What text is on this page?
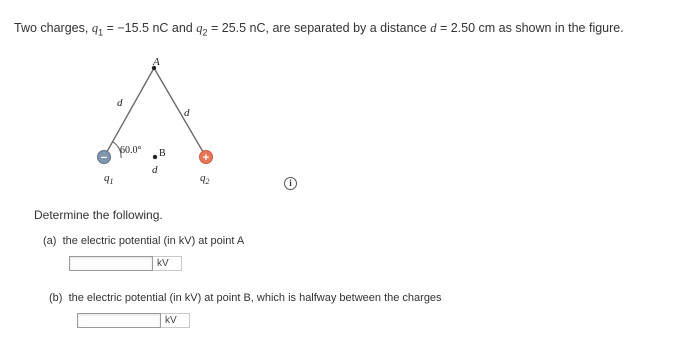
Two charges, $q_1 = -15.5$ nC and $q_2 = 25.5$ nC, are separated by a distance d = 2.50 cm as shown in the figure.
−	+
A
d
d
60.0° B
d
$q_1$	$q_2$	i
Determine the following.
(a) the electric potential (in kV) at point A
kV
(b) the electric potential (in kV) at point B, which is halfway between the charges
kV
